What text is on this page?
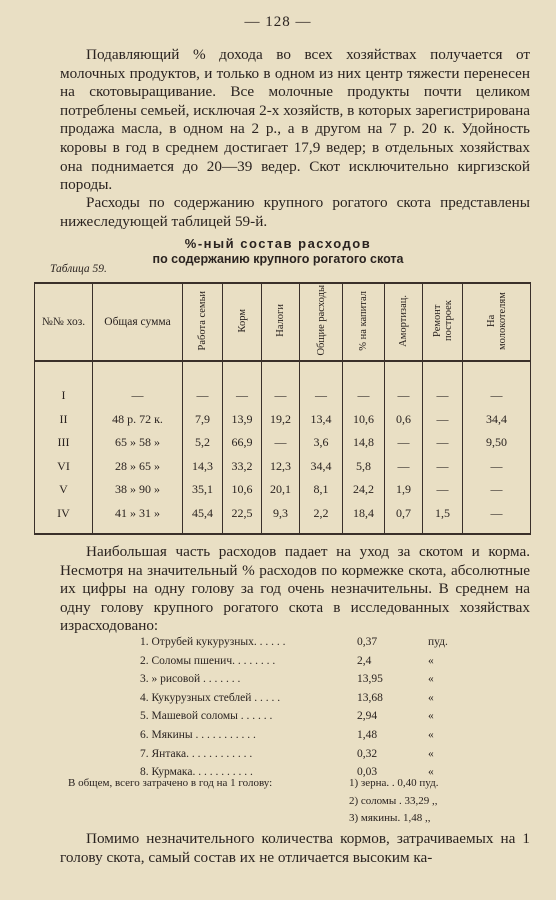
— 128 —
Подавляющий % дохода во всех хозяйствах получается от молочных продуктов, и только в одном из них центр тяжести перенесен на скотовыращивание. Все молочные продукты почти целиком потреблены семьей, исключая 2-х хозяйств, в которых зарегистрирована продажа масла, в одном на 2 р., а в другом на 7 р. 20 к. Удойность коровы в год в среднем достигает 17,9 ведер; в отдельных хозяйствах она поднимается до 20—39 ведер. Скот исключительно киргизской породы.
Расходы по содержанию крупного рогатого скота представлены нижеследующей таблицей 59-й.
%-ный состав расходов
по содержанию крупного рогатого скота
Таблица 59.
№№ хоз.	Общая сумма	Работа семьи	Корм	Налоги	Общие расходы	% на капитал	Амортизац.	Ремонт построек	На молокотелям

I	—	—	—	—	—	—	—	—	—
II	48 р. 72 к.	7,9	13,9	19,2	13,4	10,6	0,6	—	34,4
III	65 » 58 »	5,2	66,9	—	3,6	14,8	—	—	9,50
VI	28 » 65 »	14,3	33,2	12,3	34,4	5,8	—	—	—
V	38 » 90 »	35,1	10,6	20,1	8,1	24,2	1,9	—	—
IV	41 » 31 »	45,4	22,5	9,3	2,2	18,4	0,7	1,5	—
Наибольшая часть расходов падает на уход за скотом и корма. Несмотря на значительный % расходов по кормежке скота, абсолютные их цифры на одну голову за год очень незначительны. В среднем на одну голову крупного рогатого скота в исследованных хозяйствах израсходовано:
1. Отрубей кукурузных. . . . . .	0,37	пуд.
2. Соломы пшенич. . . . . . . .	2,4	«
3. » рисовой . . . . . . .	13,95	«
4. Кукурузных стеблей . . . . .	13,68	«
5. Машевой соломы . . . . . .	2,94	«
6. Мякины . . . . . . . . . . .	1,48	«
7. Янтака. . . . . . . . . . . .	0,32	«
8. Курмака. . . . . . . . . . .	0,03	«
В общем, всего затрачено в год на 1 голову:	1) зерна. . 0,40 пуд.
2) соломы . 33,29 ,,
3) мякины. 1,48 ,,
Помимо незначительного количества кормов, затрачиваемых на 1 голову скота, самый состав их не отличается высоким ка-
